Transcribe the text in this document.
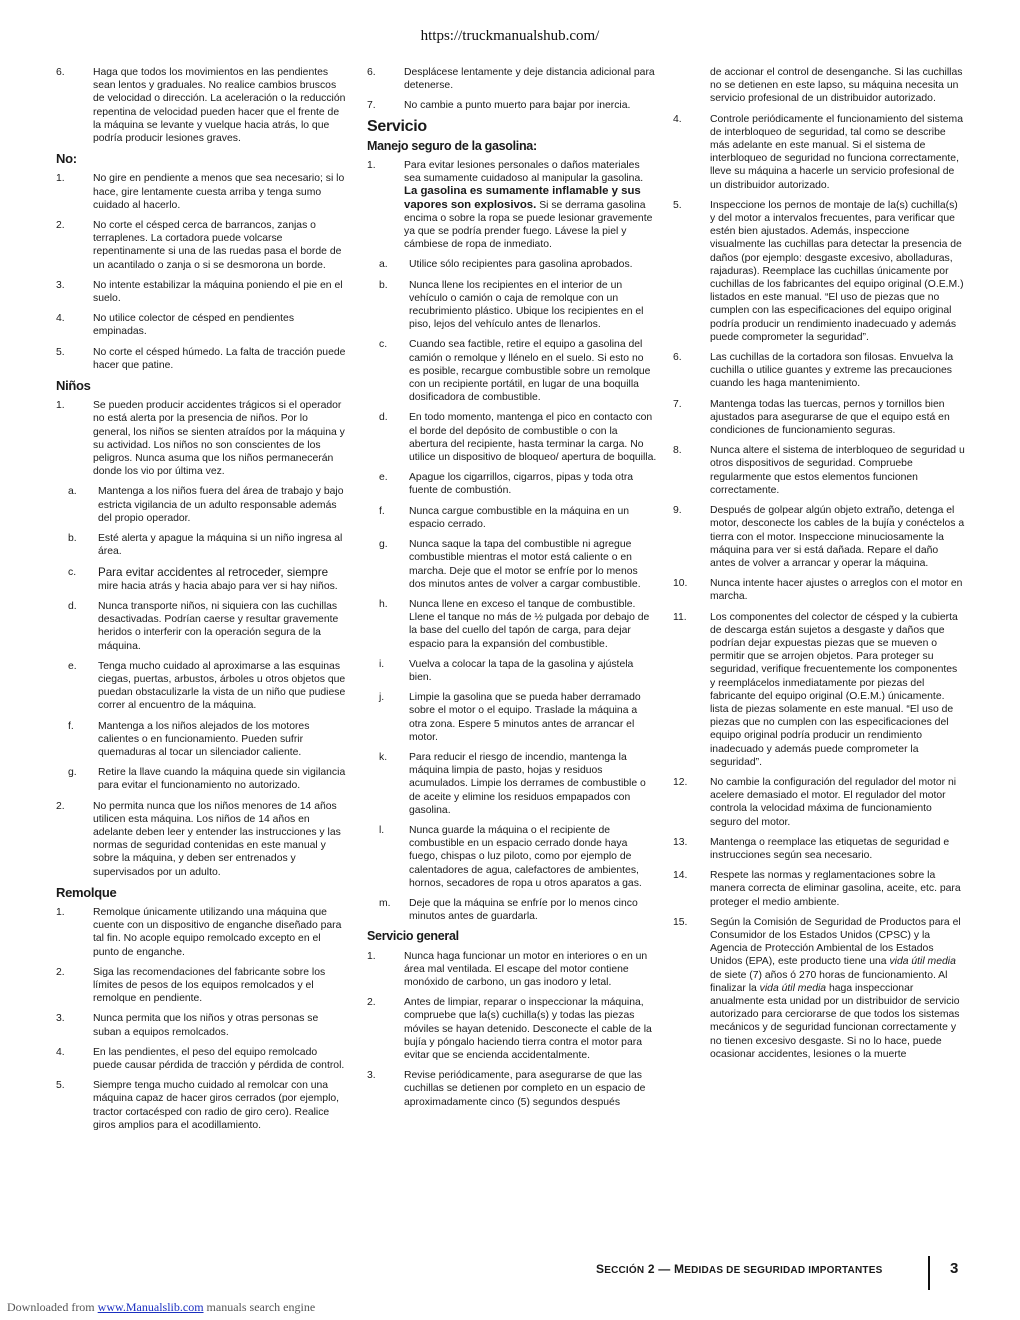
https://truckmanualshub.com/
6.	Haga que todos los movimientos en las pendientes sean lentos y graduales. No realice cambios bruscos de velocidad o dirección. La aceleración o la reducción repentina de velocidad pueden hacer que el frente de la máquina se levante y vuelque hacia atrás, lo que podría producir lesiones graves.
No:
1.	No gire en pendiente a menos que sea necesario; si lo hace, gire lentamente cuesta arriba y tenga sumo cuidado al hacerlo.
2.	No corte el césped cerca de barrancos, zanjas o terraplenes. La cortadora puede volcarse repentinamente si una de las ruedas pasa el borde de un acantilado o zanja o si se desmorona un borde.
3.	No intente estabilizar la máquina poniendo el pie en el suelo.
4.	No utilice colector de césped en pendientes empinadas.
5.	No corte el césped húmedo. La falta de tracción puede hacer que patine.
Niños
1.	Se pueden producir accidentes trágicos si el operador no está alerta por la presencia de niños. Por lo general, los niños se sienten atraídos por la máquina y su actividad. Los niños no son conscientes de los peligros. Nunca asuma que los niños permanecerán donde los vio por última vez.
a.	Mantenga a los niños fuera del área de trabajo y bajo estricta vigilancia de un adulto responsable además del propio operador.
b.	Esté alerta y apague la máquina si un niño ingresa al área.
c.	Para evitar accidentes al retroceder, siempre mire hacia atrás y hacia abajo para ver si hay niños.
d.	Nunca transporte niños, ni siquiera con las cuchillas desactivadas. Podrían caerse y resultar gravemente heridos o interferir con la operación segura de la máquina.
e.	Tenga mucho cuidado al aproximarse a las esquinas ciegas, puertas, arbustos, árboles u otros objetos que puedan obstaculizarle la vista de un niño que pudiese correr al encuentro de la máquina.
f.	Mantenga a los niños alejados de los motores calientes o en funcionamiento. Pueden sufrir quemaduras al tocar un silenciador caliente.
g.	Retire la llave cuando la máquina quede sin vigilancia para evitar el funcionamiento no autorizado.
2.	No permita nunca que los niños menores de 14 años utilicen esta máquina. Los niños de 14 años en adelante deben leer y entender las instrucciones y las normas de seguridad contenidas en este manual y sobre la máquina, y deben ser entrenados y supervisados por un adulto.
Remolque
1.	Remolque únicamente utilizando una máquina que cuente con un dispositivo de enganche diseñado para tal fin. No acople equipo remolcado excepto en el punto de enganche.
2.	Siga las recomendaciones del fabricante sobre los límites de pesos de los equipos remolcados y el remolque en pendiente.
3.	Nunca permita que los niños y otras personas se suban a equipos remolcados.
4.	En las pendientes, el peso del equipo remolcado puede causar pérdida de tracción y pérdida de control.
5.	Siempre tenga mucho cuidado al remolcar con una máquina capaz de hacer giros cerrados (por ejemplo, tractor cortacésped con radio de giro cero). Realice giros amplios para el acodillamiento.
6.	Desplácese lentamente y deje distancia adicional para detenerse.
7.	No cambie a punto muerto para bajar por inercia.
Servicio
Manejo seguro de la gasolina:
1.	Para evitar lesiones personales o daños materiales sea sumamente cuidadoso al manipular la gasolina. La gasolina es sumamente inflamable y sus vapores son explosivos. Si se derrama gasolina encima o sobre la ropa se puede lesionar gravemente ya que se podría prender fuego. Lávese la piel y cámbiese de ropa de inmediato.
a.	Utilice sólo recipientes para gasolina aprobados.
b.	Nunca llene los recipientes en el interior de un vehículo o camión o caja de remolque con un recubrimiento plástico. Ubique los recipientes en el piso, lejos del vehículo antes de llenarlos.
c.	Cuando sea factible, retire el equipo a gasolina del camión o remolque y llénelo en el suelo. Si esto no es posible, recargue combustible sobre un remolque con un recipiente portátil, en lugar de una boquilla dosificadora de combustible.
d.	En todo momento, mantenga el pico en contacto con el borde del depósito de combustible o con la abertura del recipiente, hasta terminar la carga. No utilice un dispositivo de bloqueo/ apertura de boquilla.
e.	Apague los cigarrillos, cigarros, pipas y toda otra fuente de combustión.
f.	Nunca cargue combustible en la máquina en un espacio cerrado.
g.	Nunca saque la tapa del combustible ni agregue combustible mientras el motor está caliente o en marcha. Deje que el motor se enfríe por lo menos dos minutos antes de volver a cargar combustible.
h.	Nunca llene en exceso el tanque de combustible. Llene el tanque no más de ½ pulgada por debajo de la base del cuello del tapón de carga, para dejar espacio para la expansión del combustible.
i.	Vuelva a colocar la tapa de la gasolina y ajústela bien.
j.	Limpie la gasolina que se pueda haber derramado sobre el motor o el equipo. Traslade la máquina a otra zona. Espere 5 minutos antes de arrancar el motor.
k.	Para reducir el riesgo de incendio, mantenga la máquina limpia de pasto, hojas y residuos acumulados. Limpie los derrames de combustible o de aceite y elimine los residuos empapados con gasolina.
l.	Nunca guarde la máquina o el recipiente de combustible en un espacio cerrado donde haya fuego, chispas o luz piloto, como por ejemplo de calentadores de agua, calefactores de ambientes, hornos, secadores de ropa u otros aparatos a gas.
m.	Deje que la máquina se enfríe por lo menos cinco minutos antes de guardarla.
Servicio general
1.	Nunca haga funcionar un motor en interiores o en un área mal ventilada. El escape del motor contiene monóxido de carbono, un gas inodoro y letal.
2.	Antes de limpiar, reparar o inspeccionar la máquina, compruebe que la(s) cuchilla(s) y todas las piezas móviles se hayan detenido. Desconecte el cable de la bujía y póngalo haciendo tierra contra el motor para evitar que se encienda accidentalmente.
3.	Revise periódicamente, para asegurarse de que las cuchillas se detienen por completo en un espacio de aproximadamente cinco (5) segundos después
de accionar el control de desenganche. Si las cuchillas no se detienen en este lapso, su máquina necesita un servicio profesional de un distribuidor autorizado.
4.	Controle periódicamente el funcionamiento del sistema de interbloqueo de seguridad, tal como se describe más adelante en este manual. Si el sistema de interbloqueo de seguridad no funciona correctamente, lleve su máquina a hacerle un servicio profesional de un distribuidor autorizado.
5.	Inspeccione los pernos de montaje de la(s) cuchilla(s) y del motor a intervalos frecuentes, para verificar que estén bien ajustados. Además, inspeccione visualmente las cuchillas para detectar la presencia de daños (por ejemplo: desgaste excesivo, abolladuras, rajaduras). Reemplace las cuchillas únicamente por cuchillas de los fabricantes del equipo original (O.E.M.) listados en este manual. “El uso de piezas que no cumplen con las especificaciones del equipo original podría producir un rendimiento inadecuado y además puede comprometer la seguridad”.
6.	Las cuchillas de la cortadora son filosas. Envuelva la cuchilla o utilice guantes y extreme las precauciones cuando les haga mantenimiento.
7.	Mantenga todas las tuercas, pernos y tornillos bien ajustados para asegurarse de que el equipo está en condiciones de funcionamiento seguras.
8.	Nunca altere el sistema de interbloqueo de seguridad u otros dispositivos de seguridad. Compruebe regularmente que estos elementos funcionen correctamente.
9.	Después de golpear algún objeto extraño, detenga el motor, desconecte los cables de la bujía y conéctelos a tierra con el motor. Inspeccione minuciosamente la máquina para ver si está dañada. Repare el daño antes de volver a arrancar y operar la máquina.
10.	Nunca intente hacer ajustes o arreglos con el motor en marcha.
11.	Los componentes del colector de césped y la cubierta de descarga están sujetos a desgaste y daños que podrían dejar expuestas piezas que se mueven o permitir que se arrojen objetos. Para proteger su seguridad, verifique frecuentemente los componentes y reemplácelos inmediatamente por piezas del fabricante del equipo original (O.E.M.) únicamente. lista de piezas solamente en este manual. “El uso de piezas que no cumplen con las especificaciones del equipo original podría producir un rendimiento inadecuado y además puede comprometer la seguridad”.
12.	No cambie la configuración del regulador del motor ni acelere demasiado el motor. El regulador del motor controla la velocidad máxima de funcionamiento seguro del motor.
13.	Mantenga o reemplace las etiquetas de seguridad e instrucciones según sea necesario.
14.	Respete las normas y reglamentaciones sobre la manera correcta de eliminar gasolina, aceite, etc. para proteger el medio ambiente.
15.	Según la Comisión de Seguridad de Productos para el Consumidor de los Estados Unidos (CPSC) y la Agencia de Protección Ambiental de los Estados Unidos (EPA), este producto tiene una vida útil media de siete (7) años ó 270 horas de funcionamiento. Al finalizar la vida útil media haga inspeccionar anualmente esta unidad por un distribuidor de servicio autorizado para cerciorarse de que todos los sistemas mecánicos y de seguridad funcionan correctamente y no tienen excesivo desgaste. Si no lo hace, puede ocasionar accidentes, lesiones o la muerte
SECCIÓN 2 — MEDIDAS DE SEGURIDAD IMPORTANTES	3
Downloaded from www.Manualslib.com manuals search engine
